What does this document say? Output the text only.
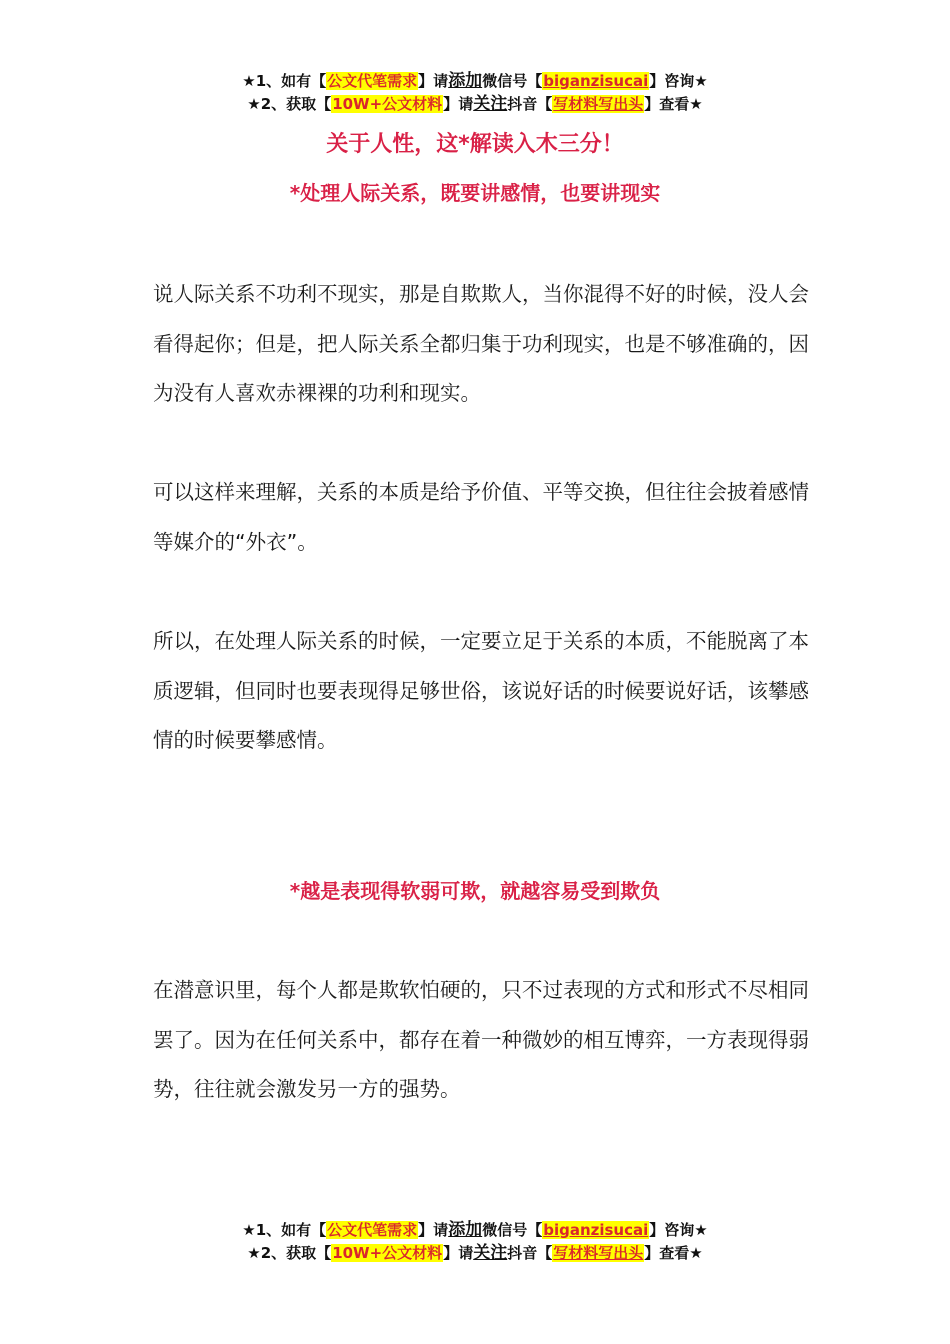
★1、如有【公文代笔需求】请添加微信号【biganzisucai】咨询★
★2、获取【10W+公文材料】请关注抖音【写材料写出头】查看★
关于人性，这*解读入木三分！
*处理人际关系，既要讲感情，也要讲现实
说人际关系不功利不现实，那是自欺欺人，当你混得不好的时候，没人会看得起你；但是，把人际关系全都归集于功利现实，也是不够准确的，因为没有人喜欢赤裸裸的功利和现实。
可以这样来理解，关系的本质是给予价值、平等交换，但往往会披着感情等媒介的“外衣”。
所以，在处理人际关系的时候，一定要立足于关系的本质，不能脱离了本质逻辑，但同时也要表现得足够世俗，该说好话的时候要说好话，该攀感情的时候要攀感情。
*越是表现得软弱可欺，就越容易受到欺负
在潜意识里，每个人都是欺软怕硬的，只不过表现的方式和形式不尽相同罢了。因为在任何关系中，都存在着一种微妙的相互博弈，一方表现得弱势，往往就会激发另一方的强势。
★1、如有【公文代笔需求】请添加微信号【biganzisucai】咨询★
★2、获取【10W+公文材料】请关注抖音【写材料写出头】查看★
